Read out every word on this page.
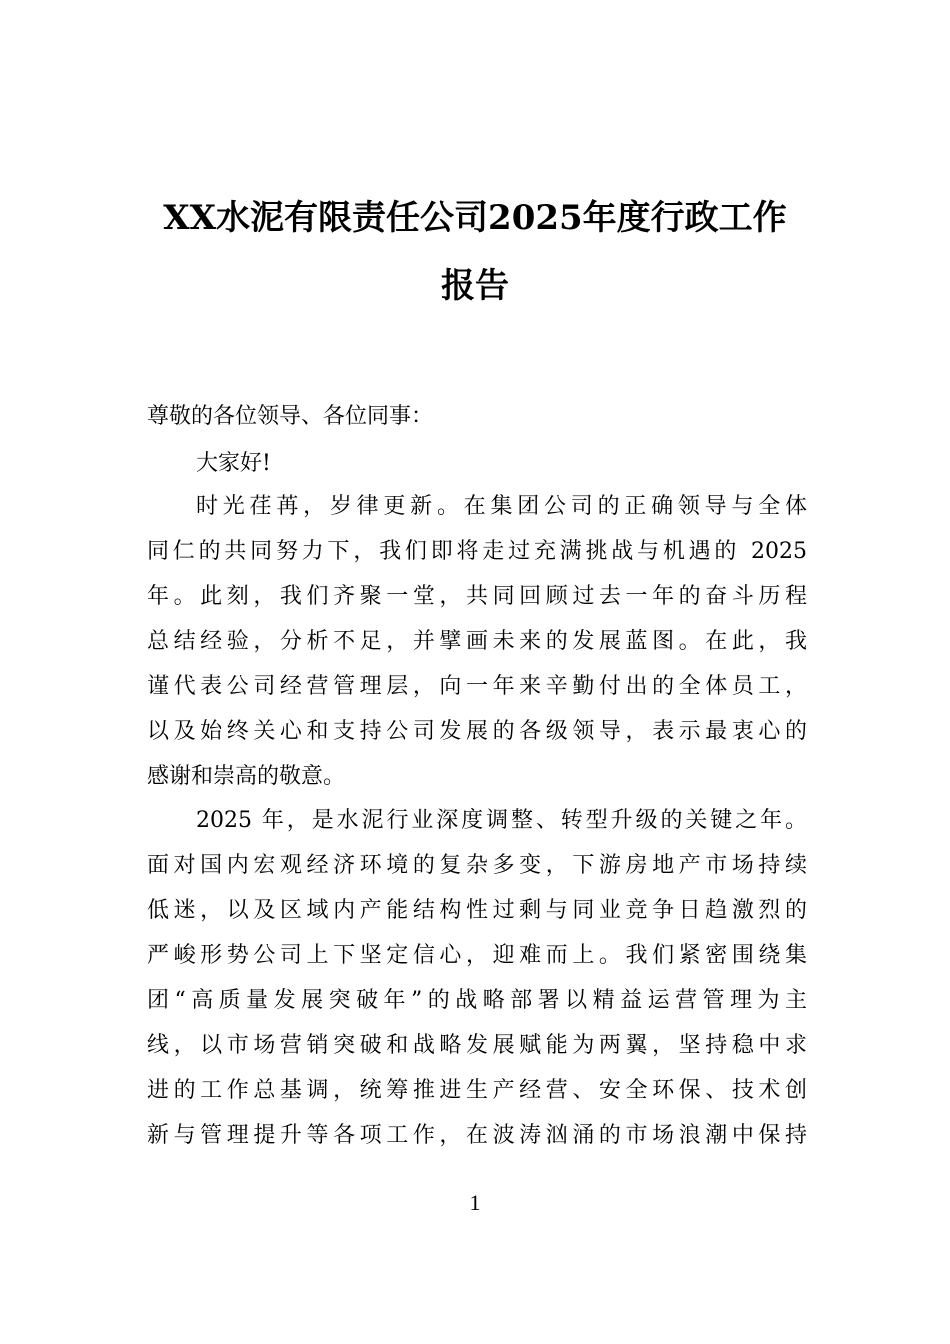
XX水泥有限责任公司2025年度行政工作
报告
尊敬的各位领导、各位同事：
大家好!
时光荏苒，岁律更新。在集团公司的正确领导与全体
同仁的共同努力下，我们即将走过充满挑战与机遇的 2025
年。此刻，我们齐聚一堂，共同回顾过去一年的奋斗历程
总结经验，分析不足，并擘画未来的发展蓝图。在此，我
谨代表公司经营管理层，向一年来辛勤付出的全体员工，
以及始终关心和支持公司发展的各级领导，表示最衷心的
感谢和崇高的敬意。
2025 年，是水泥行业深度调整、转型升级的关键之年。
面对国内宏观经济环境的复杂多变，下游房地产市场持续
低迷，以及区域内产能结构性过剩与同业竞争日趋激烈的
严峻形势公司上下坚定信心，迎难而上。我们紧密围绕集
团“高质量发展突破年”的战略部署以精益运营管理为主
线，以市场营销突破和战略发展赋能为两翼，坚持稳中求
进的工作总基调，统筹推进生产经营、安全环保、技术创
新与管理提升等各项工作，在波涛汹涌的市场浪潮中保持
1
